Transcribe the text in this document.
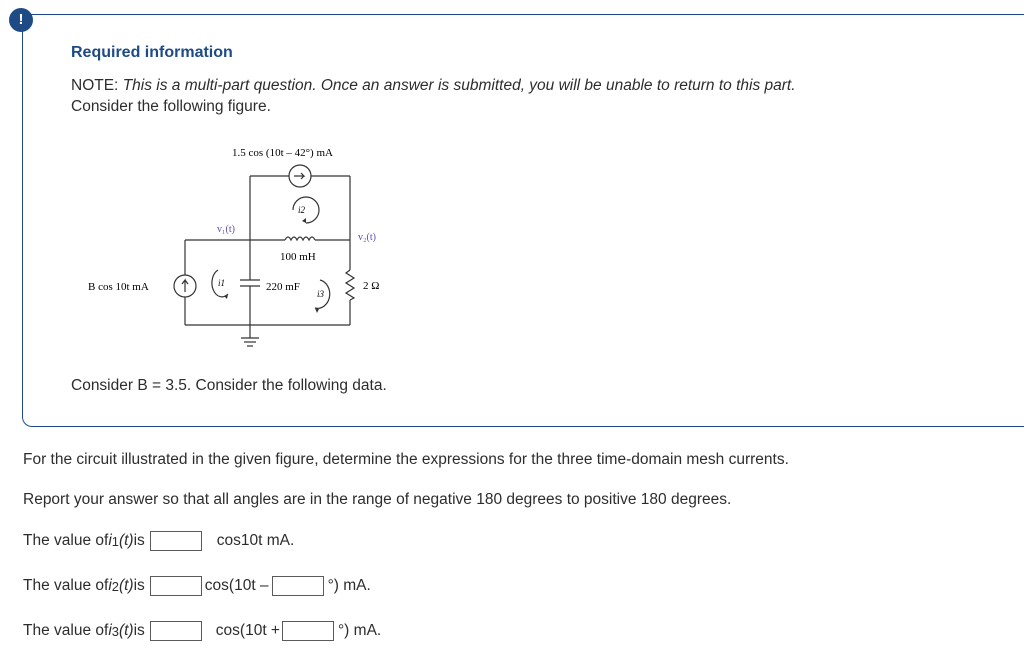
!
Required information
NOTE: This is a multi-part question. Once an answer is submitted, you will be unable to return to this part.
Consider the following figure.
1.5 cos (10t – 42°) mA
v₁(t)
v₂(t)
100 mH
220 mF	2 Ω
B cos 10t mA	i1
i2
i3
Consider B = 3.5. Consider the following data.
For the circuit illustrated in the given figure, determine the expressions for the three time-domain mesh currents.
Report your answer so that all angles are in the range of negative 180 degrees to positive 180 degrees.
The value of i 1 (t) is	cos10t mA.
The value of i 2 (t) is	cos(10t –	°) mA.
The value of i 3 (t) is	cos(10t +	°) mA.
